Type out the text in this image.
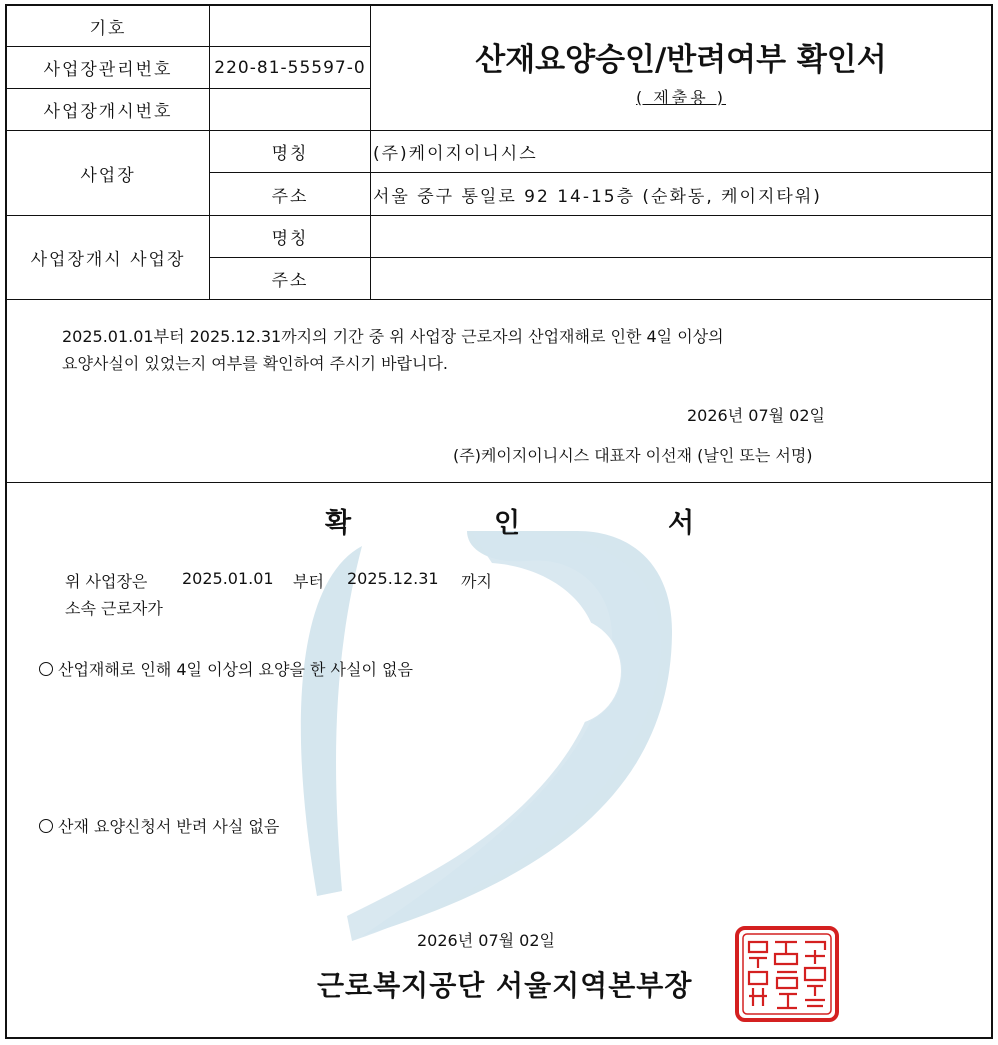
기호
사업장관리번호	220-81-55597-0
사업장개시번호
산재요양승인/반려여부 확인서
( 제출용 )
사업장
명칭	(주)케이지이니시스
주소	서울 중구 통일로 92 14-15층 (순화동, 케이지타워)
사업장개시 사업장
명칭
주소
2025.01.01부터 2025.12.31까지의 기간 중 위 사업장 근로자의 산업재해로 인한 4일 이상의
요양사실이 있었는지 여부를 확인하여 주시기 바랍니다.
2026년 07월 02일
(주)케이지이니시스 대표자 이선재 (날인 또는 서명)
확	인	서
위 사업장은 2025.01.01 부터 2025.12.31 까지
소속 근로자가
산업재해로 인해 4일 이상의 요양을 한 사실이 없음
산재 요양신청서 반려 사실 없음
2026년 07월 02일
근로복지공단 서울지역본부장
